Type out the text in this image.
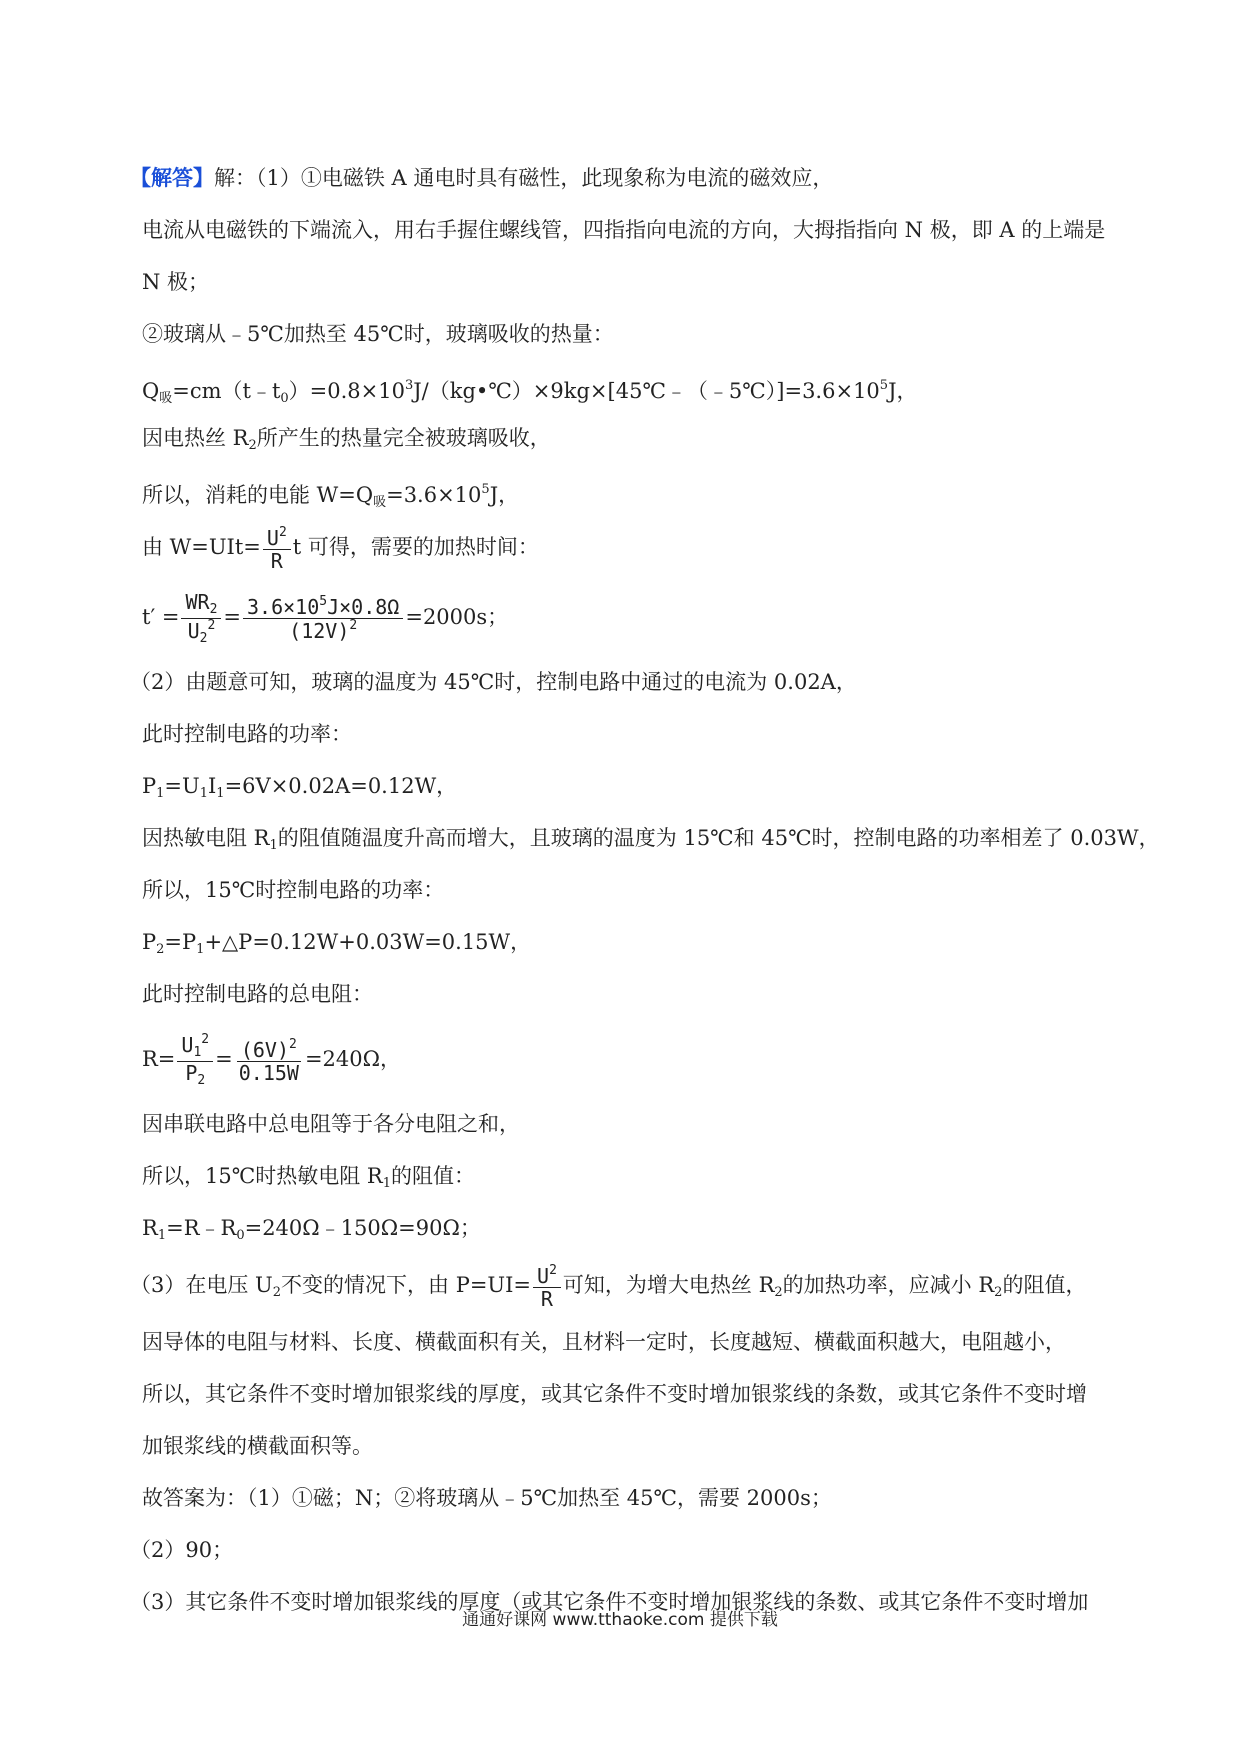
【解答】解：（1）①电磁铁 A 通电时具有磁性，此现象称为电流的磁效应，
电流从电磁铁的下端流入，用右手握住螺线管，四指指向电流的方向，大拇指指向 N 极，即 A 的上端是
N 极；
②玻璃从﹣5℃加热至 45℃时，玻璃吸收的热量：
$Q_吸=cm(t﹣t_0)=0.8\times 10^3J/(kg•℃)\times 9kg\times[45℃﹣(﹣5℃)]=3.6\times 10^5J$，
因电热丝 $R_2$所产生的热量完全被玻璃吸收，
所以，消耗的电能 $W=Q_吸=3.6\times 10^5J$，
由 $W=UIt= \frac{U^2}{R}$ t 可得，需要的加热时间：
$t' = \frac{WR_2}{U_2^2} = \frac{3.6\times 10^5J\times 0.8\Omega}{(12V)^2} =2000s$；
（2）由题意可知，玻璃的温度为 45℃时，控制电路中通过的电流为 0.02A，
此时控制电路的功率：
$P_1=U_1I_1=6V\times 0.02A=0.12W$，
因热敏电阻 $R_1$的阻值随温度升高而增大，且玻璃的温度为 15℃和 45℃时，控制电路的功率相差了 0.03W，
所以，15℃时控制电路的功率：
$P_2=P_1+\triangle P=0.12W+0.03W=0.15W$，
此时控制电路的总电阻：
$R= \frac{U_1^2}{P_2} = \frac{(6V)^2}{0.15W} =240\Omega$，
因串联电路中总电阻等于各分电阻之和，
所以，15℃时热敏电阻 $R_1$的阻值：
$R_1=R﹣R_0=240\Omega﹣150\Omega=90\Omega$；
（3）在电压 $U_2$不变的情况下，由 $P=UI= \frac{U^2}{R}$ 可知，为增大电热丝 $R_2$的加热功率，应减小 $R_2$的阻值，
因导体的电阻与材料、长度、横截面积有关，且材料一定时，长度越短、横截面积越大，电阻越小，
所以，其它条件不变时增加银浆线的厚度，或其它条件不变时增加银浆线的条数，或其它条件不变时增
加银浆线的横截面积等。
故答案为：（1）①磁；N；②将玻璃从﹣5℃加热至 45℃，需要 2000s；
（2）90；
（3）其它条件不变时增加银浆线的厚度（或其它条件不变时增加银浆线的条数、或其它条件不变时增加
通通好课网 www.tthaoke.com 提供下载
